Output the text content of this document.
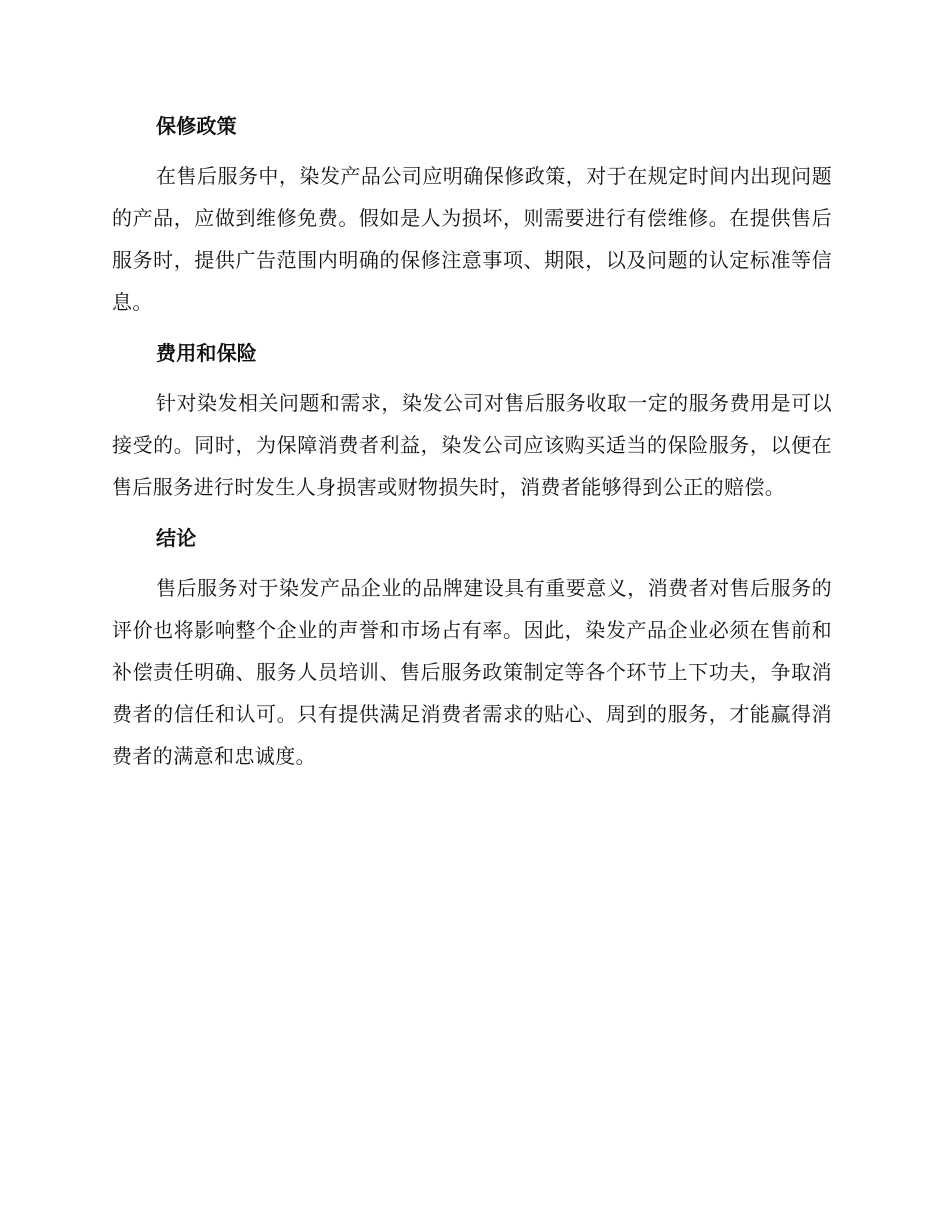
保修政策

在售后服务中，染发产品公司应明确保修政策，对于在规定时间内出现问题的产品，应做到维修免费。假如是人为损坏，则需要进行有偿维修。在提供售后服务时，提供广告范围内明确的保修注意事项、期限，以及问题的认定标准等信息。

费用和保险

针对染发相关问题和需求，染发公司对售后服务收取一定的服务费用是可以接受的。同时，为保障消费者利益，染发公司应该购买适当的保险服务，以便在售后服务进行时发生人身损害或财物损失时，消费者能够得到公正的赔偿。

结论

售后服务对于染发产品企业的品牌建设具有重要意义，消费者对售后服务的评价也将影响整个企业的声誉和市场占有率。因此，染发产品企业必须在售前和补偿责任明确、服务人员培训、售后服务政策制定等各个环节上下功夫，争取消费者的信任和认可。只有提供满足消费者需求的贴心、周到的服务，才能赢得消费者的满意和忠诚度。
